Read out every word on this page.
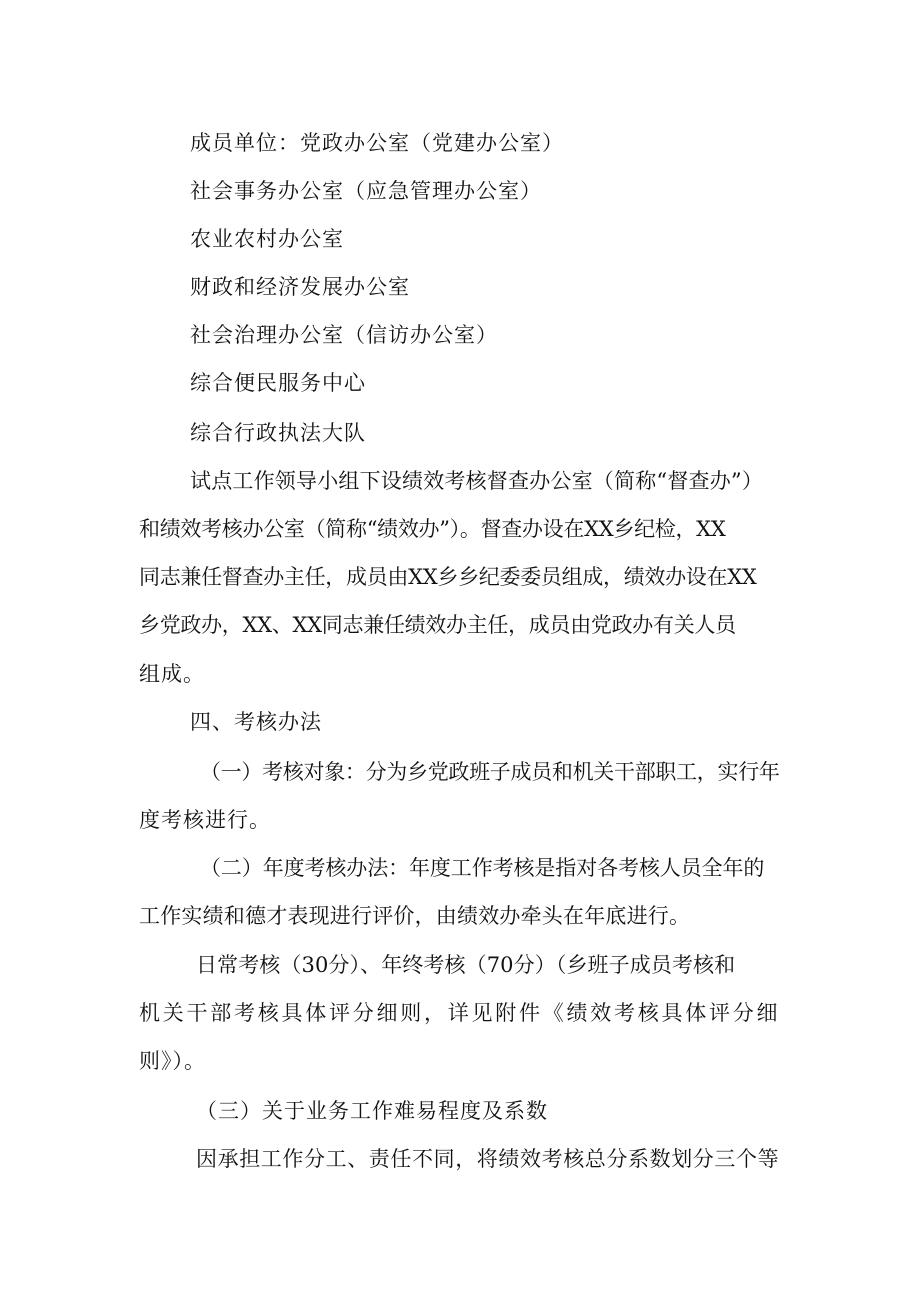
成员单位：党政办公室（党建办公室）
社会事务办公室（应急管理办公室）
农业农村办公室
财政和经济发展办公室
社会治理办公室（信访办公室）
综合便民服务中心
综合行政执法大队
试点工作领导小组下设绩效考核督查办公室（简称“督查办”）
和绩效考核办公室（简称“绩效办”）。督查办设在XX乡纪检，XX
同志兼任督查办主任，成员由XX乡乡纪委委员组成，绩效办设在XX
乡党政办，XX、XX同志兼任绩效办主任，成员由党政办有关人员
组成。
四、考核办法
（一）考核对象：分为乡党政班子成员和机关干部职工，实行年
度考核进行。
（二）年度考核办法：年度工作考核是指对各考核人员全年的
工作实绩和德才表现进行评价，由绩效办牵头在年底进行。
日常考核（30分）、年终考核（70分）（乡班子成员考核和
机关干部考核具体评分细则，详见附件《绩效考核具体评分细
则》）。
（三）关于业务工作难易程度及系数
因承担工作分工、责任不同，将绩效考核总分系数划分三个等
